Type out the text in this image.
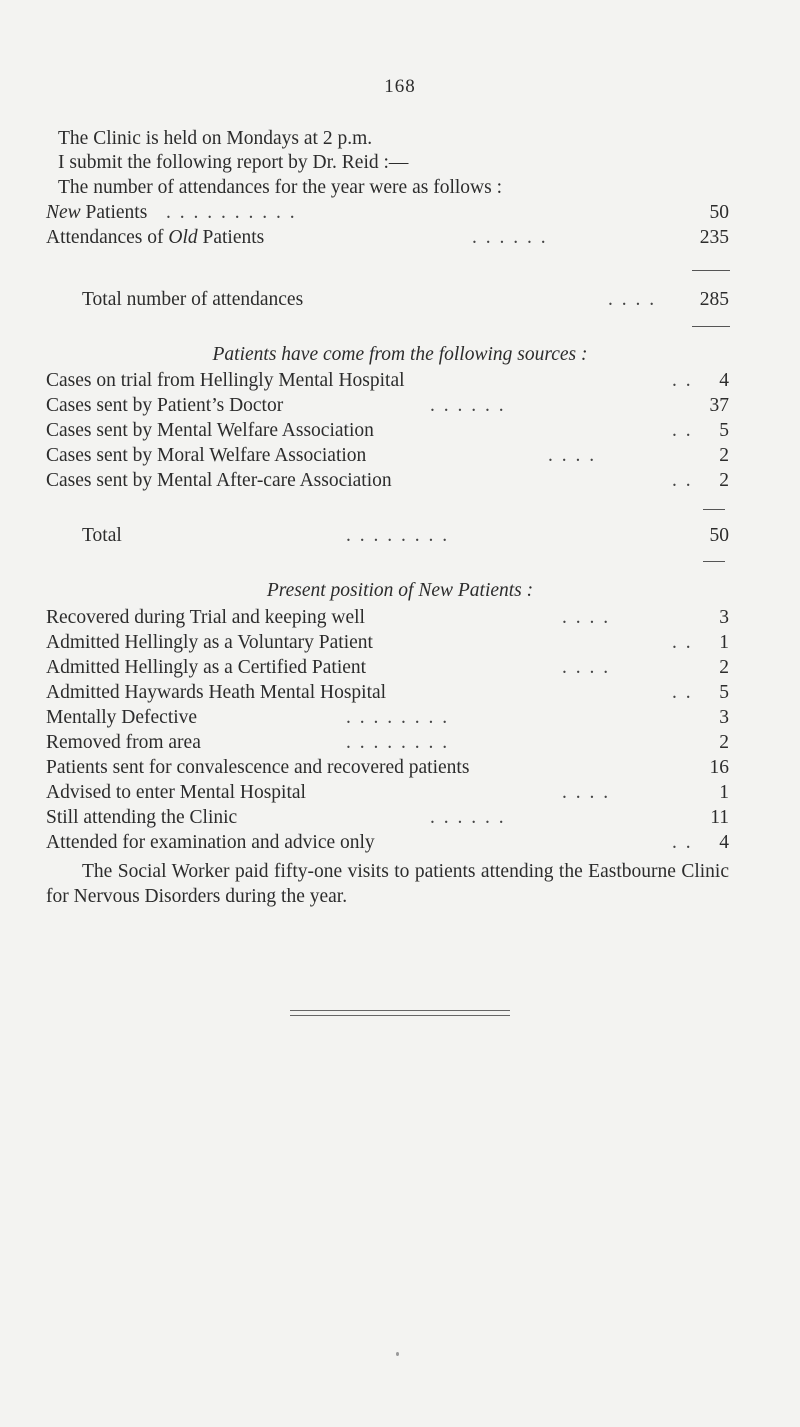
168
The Clinic is held on Mondays at 2 p.m.
I submit the following report by Dr. Reid :—
The number of attendances for the year were as follows :
New Patients . . . . . . . . . .	50
Attendances of Old Patients	. . . . . .	235
Total number of attendances	. . . . 285
Patients have come from the following sources :
Cases on trial from Hellingly Mental Hospital	. . 4
Cases sent by Patient’s Doctor	. . . . . .	37
Cases sent by Mental Welfare Association	. . 5
Cases sent by Moral Welfare Association	. . . .	2
Cases sent by Mental After-care Association	. . 2
Total	. . . . . . . .	50
Present position of New Patients :
Recovered during Trial and keeping well	. . . .	3
Admitted Hellingly as a Voluntary Patient	. . 1
Admitted Hellingly as a Certified Patient	. . . .	2
Admitted Haywards Heath Mental Hospital	. . 5
Mentally Defective	. . . . . . . .	3
Removed from area	. . . . . . . .	2
Patients sent for convalescence and recovered patients	16
Advised to enter Mental Hospital	. . . .	1
Still attending the Clinic	. . . . . .	11
Attended for examination and advice only	. . 4
The Social Worker paid fifty-one visits to patients attending the Eastbourne Clinic for Nervous Disorders during the year.
